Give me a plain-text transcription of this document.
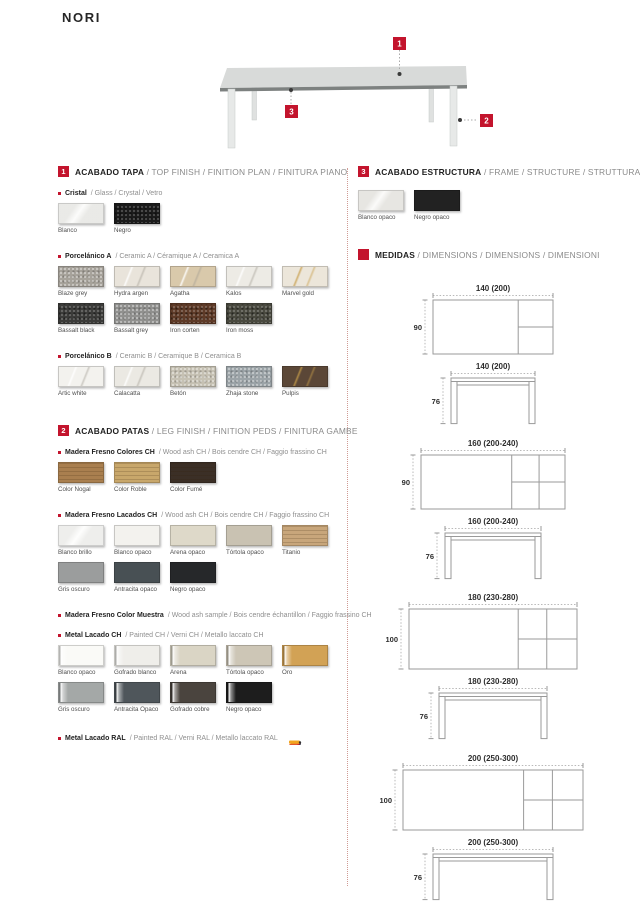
NORI
1
2
3
1	ACABADO TAPA / TOP FINISH / FINITION PLAN / FINITURA PIANO
Cristal / Glass / Crystal / Vetro
Blanco	Negro
Porcelánico A / Ceramic A / Céramique A / Ceramica A
Blaze grey	Hydra argen	Agatha	Kalos	Marvel gold
Bassalt black	Bassalt grey	Iron corten	Iron moss
Porcelánico B / Ceramic B / Ceramique B / Ceramica B
Artic white	Calacatta	Betón	Zhaja stone	Pulpis
2	ACABADO PATAS / LEG FINISH / FINITION PEDS / FINITURA GAMBE
Madera Fresno Colores CH / Wood ash CH / Bois cendre CH / Faggio frassino CH
Color Nogal	Color Roble	Color Fumé
Madera Fresno Lacados CH / Wood ash CH / Bois cendre CH / Faggio frassino CH
Blanco brillo	Blanco opaco	Arena opaco	Tórtola opaco	Titanio
Gris oscuro	Antracita opaco	Negro opaco
Madera Fresno Color Muestra / Wood ash sample / Bois cendre échantillon / Faggio frassino CH
Metal Lacado CH / Painted CH / Verni CH / Metallo laccato CH
Blanco opaco	Gofrado blanco	Arena	Tórtola opaco	Oro
Gris oscuro	Antracita Opaco	Gofrado cobre	Negro opaco
Metal Lacado RAL / Painted RAL / Verni RAL / Metallo laccato RAL
3	ACABADO ESTRUCTURA / FRAME / STRUCTURE / STRUTTURA
Blanco opaco	Negro opaco
MEDIDAS / DIMENSIONS / DIMENSIONS / DIMENSIONI
140 (200)
90
140 (200)
76
160 (200-240)
90
160 (200-240)
76
180 (230-280)
100
180 (230-280)
76
200 (250-300)
100
200 (250-300)
76
